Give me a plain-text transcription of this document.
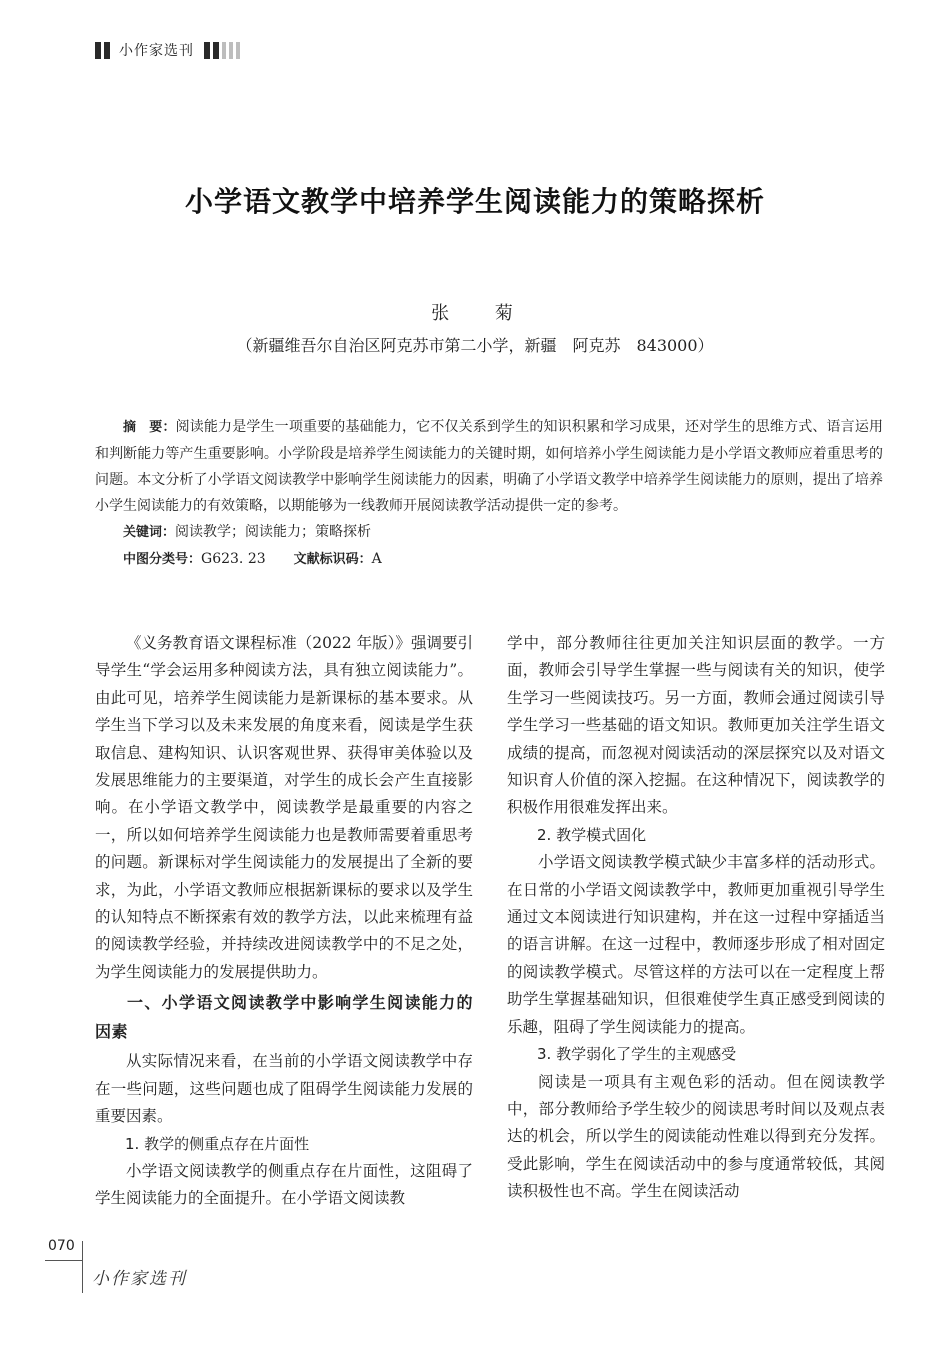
小作家选刊
小学语文教学中培养学生阅读能力的策略探析
张 菊
（新疆维吾尔自治区阿克苏市第二小学，新疆　阿克苏　843000）

摘　要：阅读能力是学生一项重要的基础能力，它不仅关系到学生的知识积累和学习成果，还对学生的思维方式、语言运用和判断能力等产生重要影响。小学阶段是培养学生阅读能力的关键时期，如何培养小学生阅读能力是小学语文教师应着重思考的问题。本文分析了小学语文阅读教学中影响学生阅读能力的因素，明确了小学语文教学中培养学生阅读能力的原则，提出了培养小学生阅读能力的有效策略，以期能够为一线教师开展阅读教学活动提供一定的参考。

关键词：阅读教学；阅读能力；策略探析
中图分类号：G623. 23　　 文献标识码：A

《义务教育语文课程标准（2022 年版）》强调要引导学生“学会运用多种阅读方法，具有独立阅读能力”。由此可见，培养学生阅读能力是新课标的基本要求。从学生当下学习以及未来发展的角度来看，阅读是学生获取信息、建构知识、认识客观世界、获得审美体验以及发展思维能力的主要渠道，对学生的成长会产生直接影响。在小学语文教学中，阅读教学是最重要的内容之一，所以如何培养学生阅读能力也是教师需要着重思考的问题。新课标对学生阅读能力的发展提出了全新的要求，为此，小学语文教师应根据新课标的要求以及学生的认知特点不断探索有效的教学方法，以此来梳理有益的阅读教学经验，并持续改进阅读教学中的不足之处，为学生阅读能力的发展提供助力。

一、小学语文阅读教学中影响学生阅读能力的因素

从实际情况来看，在当前的小学语文阅读教学中存在一些问题，这些问题也成了阻碍学生阅读能力发展的重要因素。

1. 教学的侧重点存在片面性

小学语文阅读教学的侧重点存在片面性，这阻碍了学生阅读能力的全面提升。在小学语文阅读教

学中，部分教师往往更加关注知识层面的教学。一方面，教师会引导学生掌握一些与阅读有关的知识，使学生学习一些阅读技巧。另一方面，教师会通过阅读引导学生学习一些基础的语文知识。教师更加关注学生语文成绩的提高，而忽视对阅读活动的深层探究以及对语文知识育人价值的深入挖掘。在这种情况下，阅读教学的积极作用很难发挥出来。

2. 教学模式固化

小学语文阅读教学模式缺少丰富多样的活动形式。在日常的小学语文阅读教学中，教师更加重视引导学生通过文本阅读进行知识建构，并在这一过程中穿插适当的语言讲解。在这一过程中，教师逐步形成了相对固定的阅读教学模式。尽管这样的方法可以在一定程度上帮助学生掌握基础知识，但很难使学生真正感受到阅读的乐趣，阻碍了学生阅读能力的提高。

3. 教学弱化了学生的主观感受

阅读是一项具有主观色彩的活动。但在阅读教学中，部分教师给予学生较少的阅读思考时间以及观点表达的机会，所以学生的阅读能动性难以得到充分发挥。受此影响，学生在阅读活动中的参与度通常较低，其阅读积极性也不高。学生在阅读活动

070
小作家选刊
